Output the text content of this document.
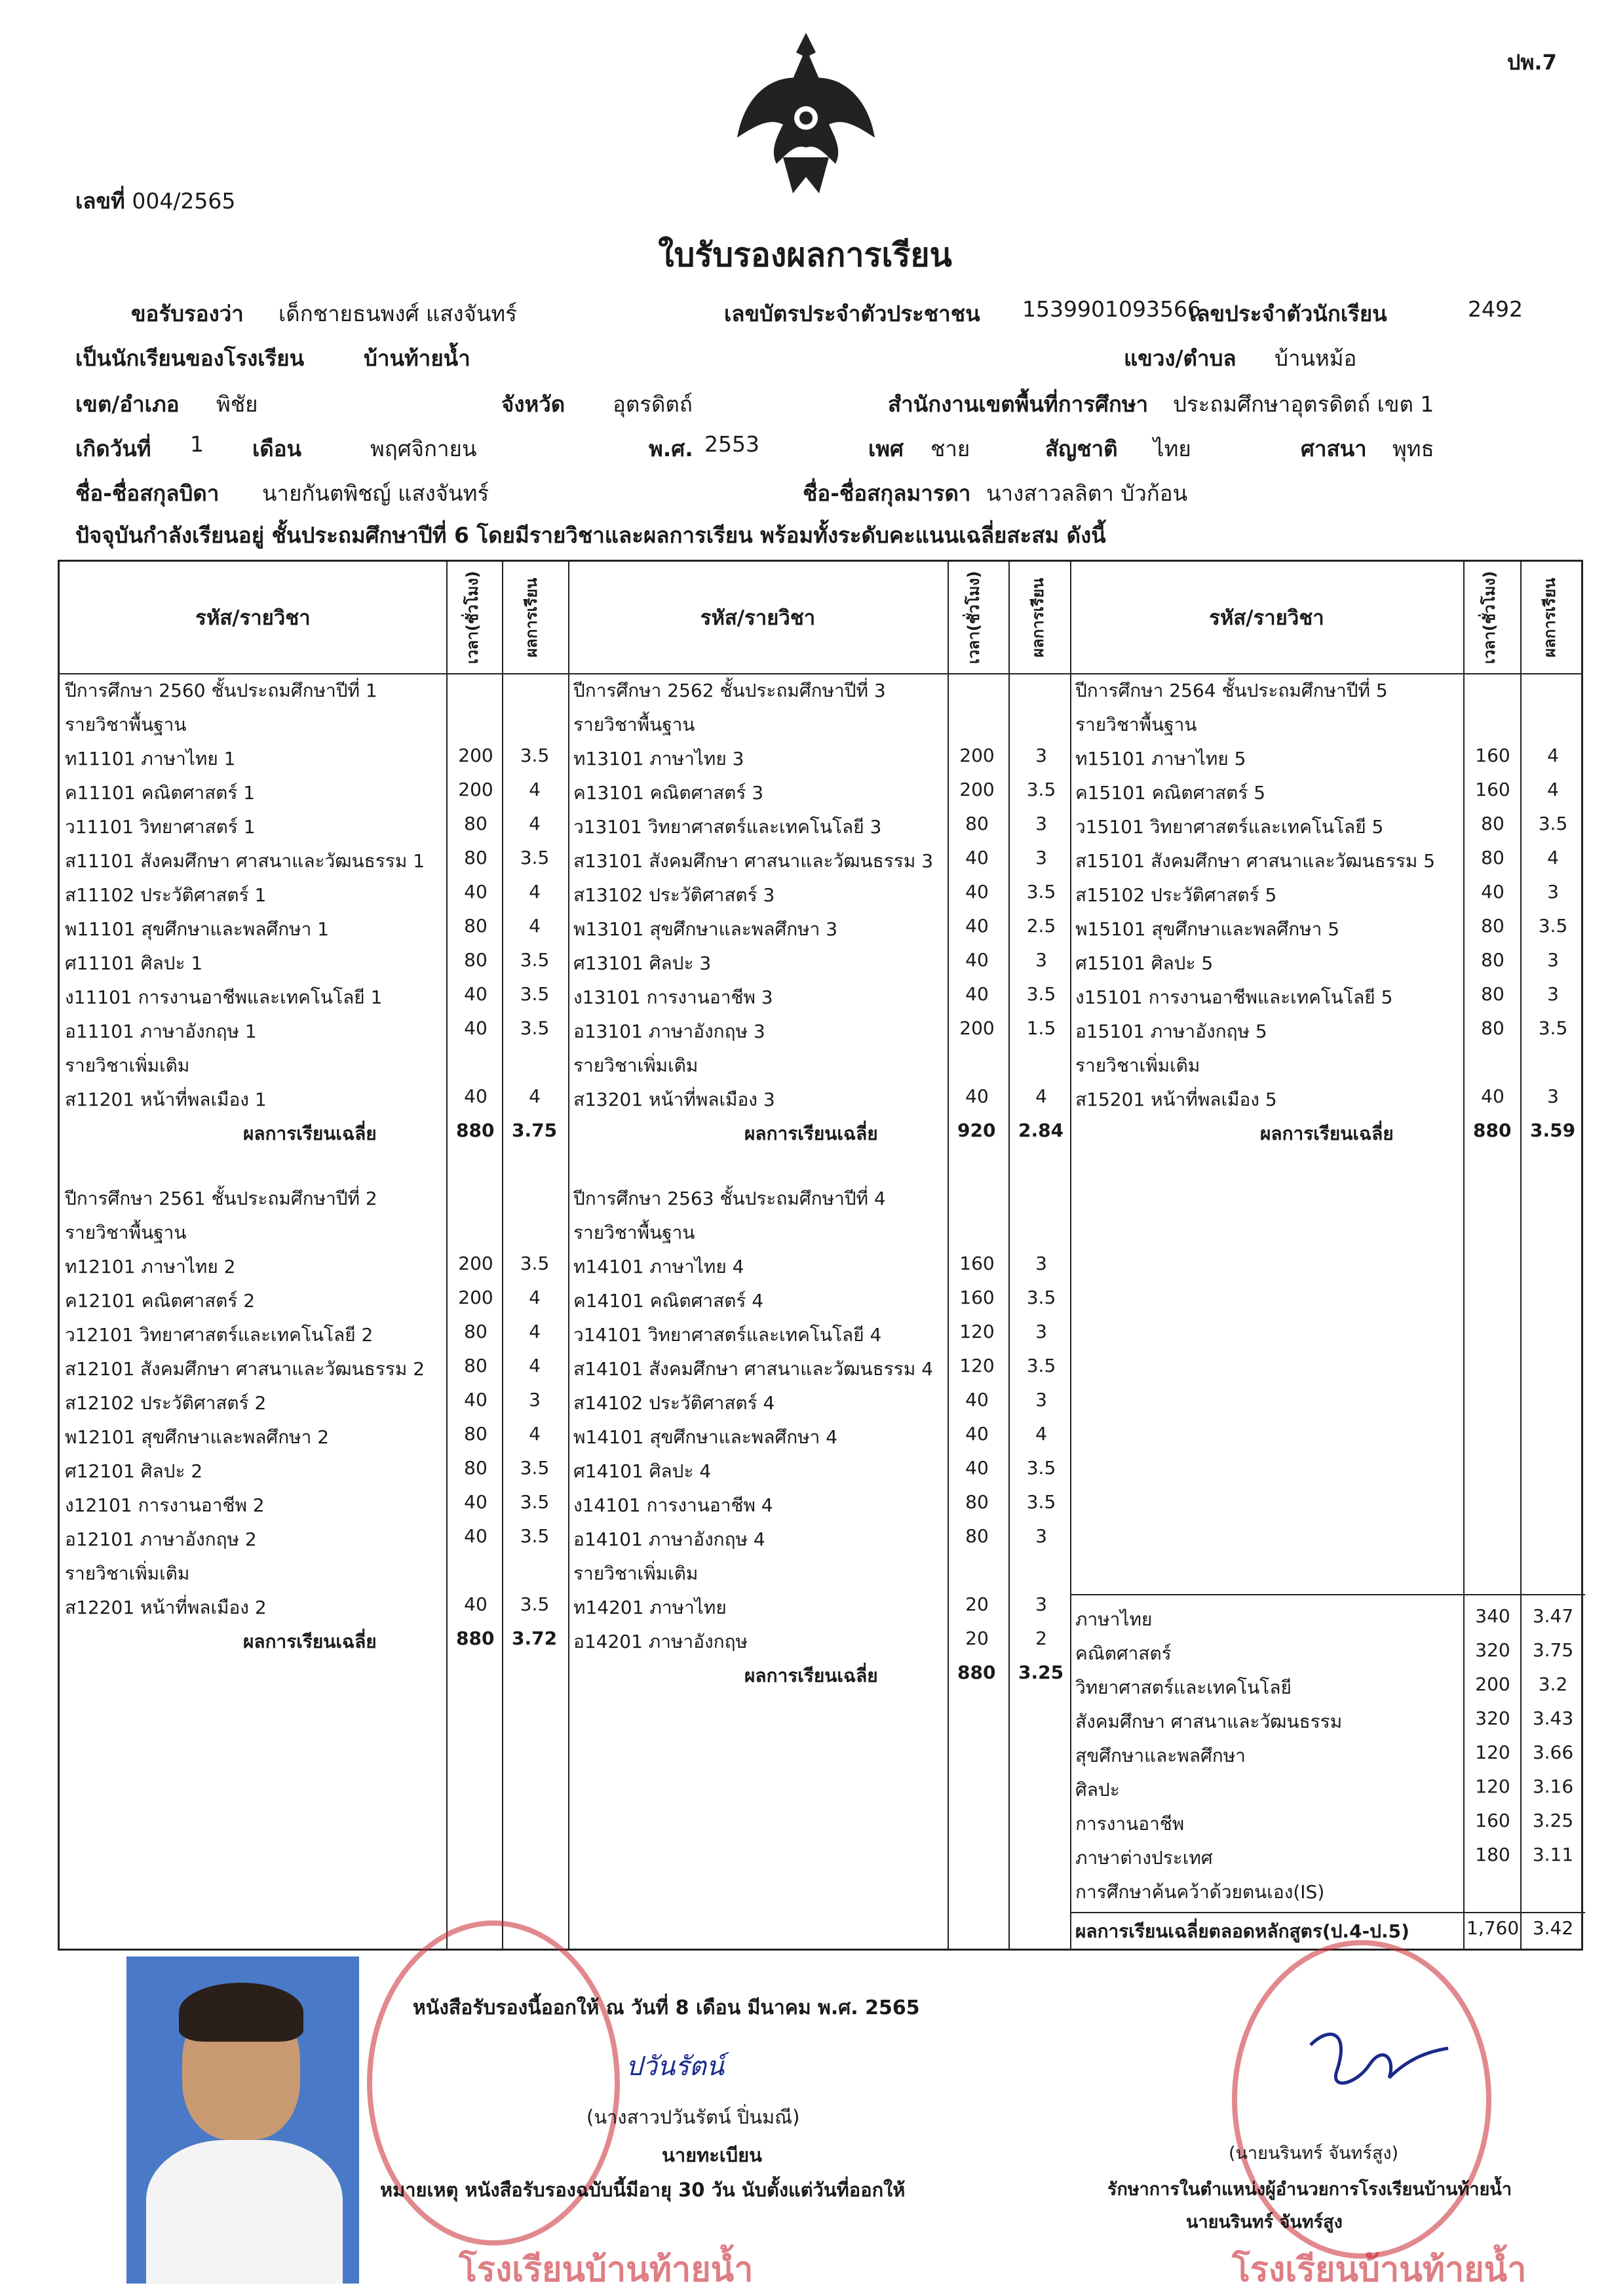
ปพ.7
เลขที่ 004/2565
ใบรับรองผลการเรียน
ขอรับรองว่า เด็กชายธนพงศ์ แสงจันทร์	เลขบัตรประจำตัวประชาชน 1539901093566
เลขประจำตัวนักเรียน	2492
เป็นนักเรียนของโรงเรียน	บ้านท้ายน้ำ	แขวง/ตำบล บ้านหม้อ
เขต/อำเภอ พิชัย	จังหวัด อุตรดิตถ์	สำนักงานเขตพื้นที่การศึกษา ประถมศึกษาอุตรดิตถ์ เขต 1
เกิดวันที่ 1 เดือน	พฤศจิกายน	พ.ศ. 2553	เพศ ชาย	สัญชาติ ไทย	ศาสนา พุทธ
ชื่อ-ชื่อสกุลบิดา นายกันตพิชญ์ แสงจันทร์	ชื่อ-ชื่อสกุลมารดา นางสาวลลิตา บัวก้อน
ปัจจุบันกำลังเรียนอยู่ ชั้นประถมศึกษาปีที่ 6 โดยมีรายวิชาและผลการเรียน พร้อมทั้งระดับคะแนนเฉลี่ยสะสม ดังนี้
รหัส/รายวิชา	เวลา(ชั่วโมง)	ผลการเรียน	รหัส/รายวิชา	เวลา(ชั่วโมง)	ผลการเรียน	รหัส/รายวิชา	เวลา(ชั่วโมง)	ผลการเรียน
ปีการศึกษา 2560 ชั้นประถมศึกษาปีที่ 1
รายวิชาพื้นฐาน
ท11101 ภาษาไทย 1	200	3.5
ค11101 คณิตศาสตร์ 1	200	4
ว11101 วิทยาศาสตร์ 1	80	4
ส11101 สังคมศึกษา ศาสนาและวัฒนธรรม 1	80	3.5
ส11102 ประวัติศาสตร์ 1	40	4
พ11101 สุขศึกษาและพลศึกษา 1	80	4
ศ11101 ศิลปะ 1	80	3.5
ง11101 การงานอาชีพและเทคโนโลยี 1	40	3.5
อ11101 ภาษาอังกฤษ 1	40	3.5
รายวิชาเพิ่มเติม
ส11201 หน้าที่พลเมือง 1	40	4
ผลการเรียนเฉลี่ย	880 3.75
ปีการศึกษา 2562 ชั้นประถมศึกษาปีที่ 3
รายวิชาพื้นฐาน
ท13101 ภาษาไทย 3	200	3
ค13101 คณิตศาสตร์ 3	200	3.5
ว13101 วิทยาศาสตร์และเทคโนโลยี 3	80	3
ส13101 สังคมศึกษา ศาสนาและวัฒนธรรม 3	40	3
ส13102 ประวัติศาสตร์ 3	40	3.5
พ13101 สุขศึกษาและพลศึกษา 3	40	2.5
ศ13101 ศิลปะ 3	40	3
ง13101 การงานอาชีพ 3	40	3.5
อ13101 ภาษาอังกฤษ 3	200	1.5
รายวิชาเพิ่มเติม
ส13201 หน้าที่พลเมือง 3	40	4
ผลการเรียนเฉลี่ย	920 2.84
ปีการศึกษา 2564 ชั้นประถมศึกษาปีที่ 5
รายวิชาพื้นฐาน
ท15101 ภาษาไทย 5	160	4
ค15101 คณิตศาสตร์ 5	160	4
ว15101 วิทยาศาสตร์และเทคโนโลยี 5	80	3.5
ส15101 สังคมศึกษา ศาสนาและวัฒนธรรม 5	80	4
ส15102 ประวัติศาสตร์ 5	40	3
พ15101 สุขศึกษาและพลศึกษา 5	80	3.5
ศ15101 ศิลปะ 5	80	3
ง15101 การงานอาชีพและเทคโนโลยี 5	80	3
อ15101 ภาษาอังกฤษ 5	80	3.5
รายวิชาเพิ่มเติม
ส15201 หน้าที่พลเมือง 5	40	3
ผลการเรียนเฉลี่ย	880 3.59
ปีการศึกษา 2561 ชั้นประถมศึกษาปีที่ 2
รายวิชาพื้นฐาน
ท12101 ภาษาไทย 2	200	3.5
ค12101 คณิตศาสตร์ 2	200	4
ว12101 วิทยาศาสตร์และเทคโนโลยี 2	80	4
ส12101 สังคมศึกษา ศาสนาและวัฒนธรรม 2	80	4
ส12102 ประวัติศาสตร์ 2	40	3
พ12101 สุขศึกษาและพลศึกษา 2	80	4
ศ12101 ศิลปะ 2	80	3.5
ง12101 การงานอาชีพ 2	40	3.5
อ12101 ภาษาอังกฤษ 2	40	3.5
รายวิชาเพิ่มเติม
ส12201 หน้าที่พลเมือง 2	40	3.5
ผลการเรียนเฉลี่ย	880 3.72
ปีการศึกษา 2563 ชั้นประถมศึกษาปีที่ 4
รายวิชาพื้นฐาน
ท14101 ภาษาไทย 4	160	3
ค14101 คณิตศาสตร์ 4	160	3.5
ว14101 วิทยาศาสตร์และเทคโนโลยี 4	120	3
ส14101 สังคมศึกษา ศาสนาและวัฒนธรรม 4	120	3.5
ส14102 ประวัติศาสตร์ 4	40	3
พ14101 สุขศึกษาและพลศึกษา 4	40	4
ศ14101 ศิลปะ 4	40	3.5
ง14101 การงานอาชีพ 4	80	3.5
อ14101 ภาษาอังกฤษ 4	80	3
รายวิชาเพิ่มเติม
ท14201 ภาษาไทย	20	3
อ14201 ภาษาอังกฤษ	20	2
ผลการเรียนเฉลี่ย	880 3.25
ภาษาไทย	340	3.47
คณิตศาสตร์	320	3.75
วิทยาศาสตร์และเทคโนโลยี	200	3.2
สังคมศึกษา ศาสนาและวัฒนธรรม	320	3.43
สุขศึกษาและพลศึกษา	120	3.66
ศิลปะ	120	3.16
การงานอาชีพ	160	3.25
ภาษาต่างประเทศ	180	3.11
การศึกษาค้นคว้าด้วยตนเอง(IS)
ผลการเรียนเฉลี่ยตลอดหลักสูตร(ป.4-ป.5)	1,760 3.42
หนังสือรับรองนี้ออกให้ ณ วันที่ 8 เดือน มีนาคม พ.ศ. 2565
ปวันรัตน์
(นางสาวปวันรัตน์ ปิ่นมณี)
นายทะเบียน
หมายเหตุ หนังสือรับรองฉบับนี้มีอายุ 30 วัน นับตั้งแต่วันที่ออกให้
(นายนรินทร์ จันทร์สูง)
รักษาการในตำแหน่งผู้อำนวยการโรงเรียนบ้านท้ายน้ำ
นายนรินทร์ จันทร์สูง
โรงเรียนบ้านท้ายน้ำ	โรงเรียนบ้านท้ายน้ำ
